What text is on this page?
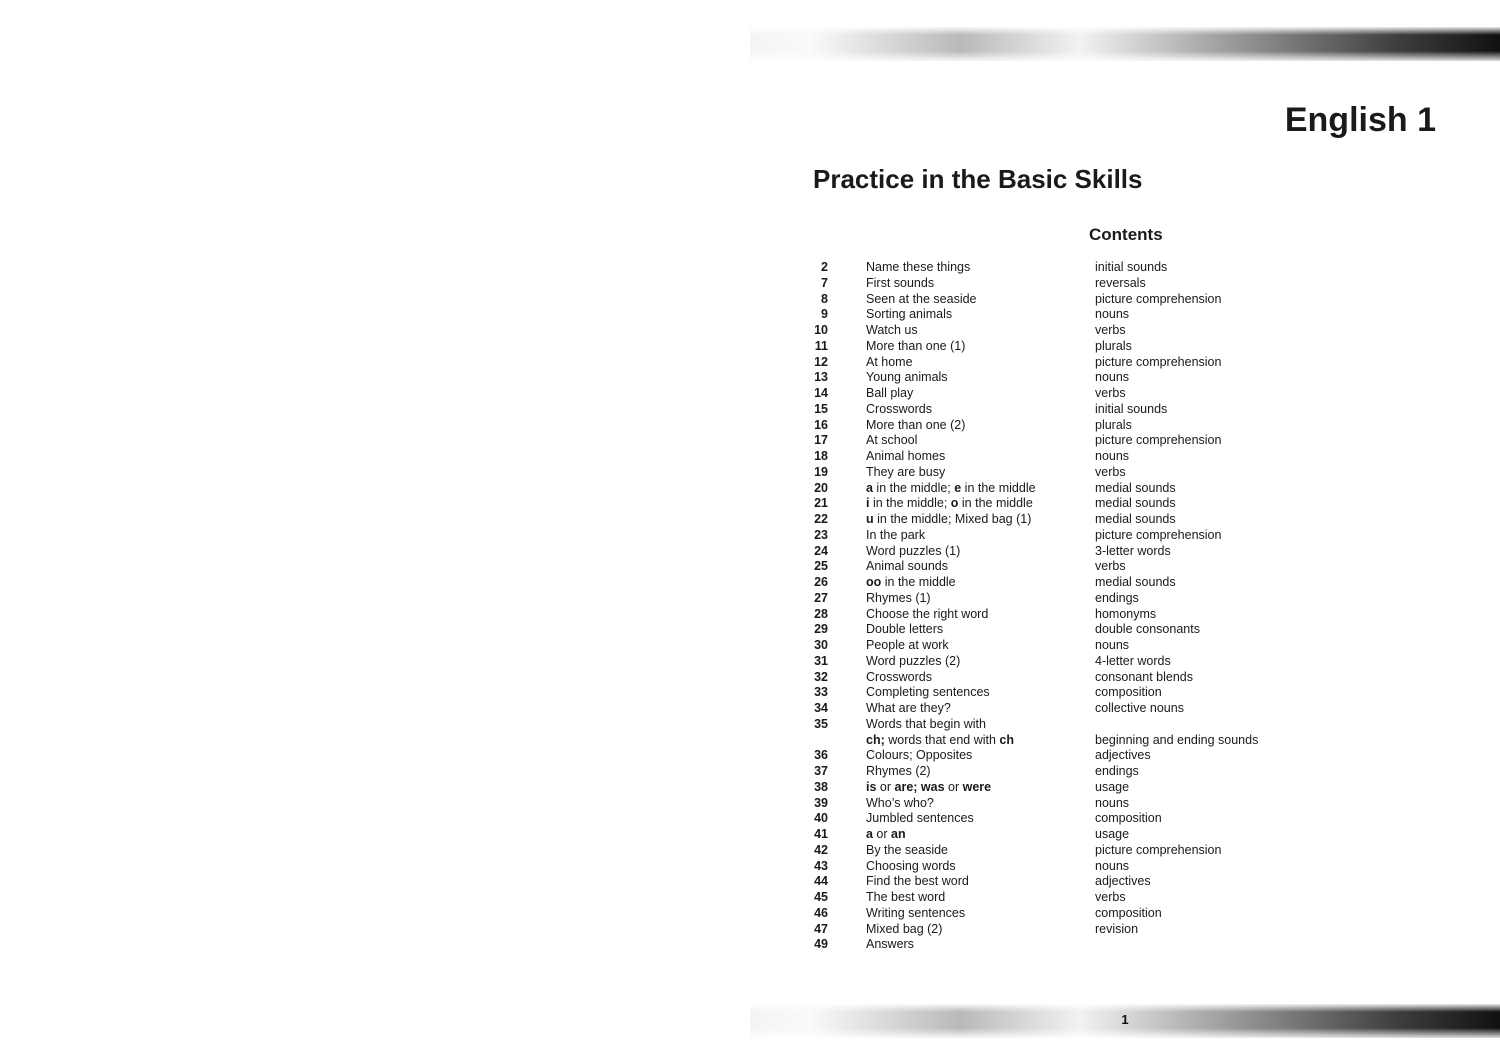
English 1
Practice in the Basic Skills
Contents
2	Name these things	initial sounds
7	First sounds	reversals
8	Seen at the seaside	picture comprehension
9	Sorting animals	nouns
10	Watch us	verbs
11	More than one (1)	plurals
12	At home	picture comprehension
13	Young animals	nouns
14	Ball play	verbs
15	Crosswords	initial sounds
16	More than one (2)	plurals
17	At school	picture comprehension
18	Animal homes	nouns
19	They are busy	verbs
20	a in the middle; e in the middle	medial sounds
21	i in the middle; o in the middle	medial sounds
22	u in the middle; Mixed bag (1)	medial sounds
23	In the park	picture comprehension
24	Word puzzles (1)	3-letter words
25	Animal sounds	verbs
26	oo in the middle	medial sounds
27	Rhymes (1)	endings
28	Choose the right word	homonyms
29	Double letters	double consonants
30	People at work	nouns
31	Word puzzles (2)	4-letter words
32	Crosswords	consonant blends
33	Completing sentences	composition
34	What are they?	collective nouns
35	Words that begin with
ch; words that end with ch	beginning and ending sounds
36	Colours; Opposites	adjectives
37	Rhymes (2)	endings
38	is or are; was or were	usage
39	Who’s who?	nouns
40	Jumbled sentences	composition
41	a or an	usage
42	By the seaside	picture comprehension
43	Choosing words	nouns
44	Find the best word	adjectives
45	The best word	verbs
46	Writing sentences	composition
47	Mixed bag (2)	revision
49	Answers
1
